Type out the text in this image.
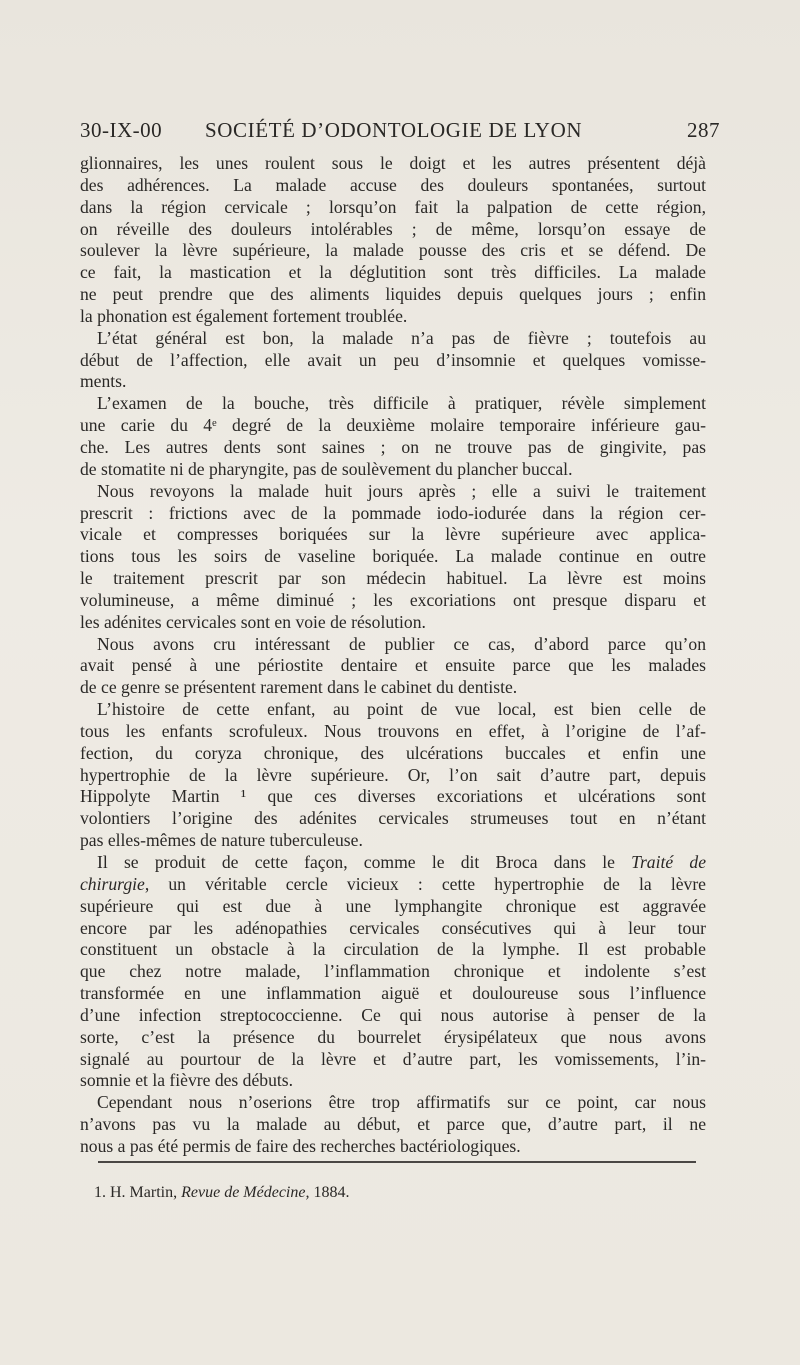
30-IX-00 SOCIÉTÉ D’ODONTOLOGIE DE LYON	287
glionnaires, les unes roulent sous le doigt et les autres présentent déjà
des adhérences. La malade accuse des douleurs spontanées, surtout
dans la région cervicale ; lorsqu’on fait la palpation de cette région,
on réveille des douleurs intolérables ; de même, lorsqu’on essaye de
soulever la lèvre supérieure, la malade pousse des cris et se défend. De
ce fait, la mastication et la déglutition sont très difficiles. La malade
ne peut prendre que des aliments liquides depuis quelques jours ; enfin
la phonation est également fortement troublée.
L’état général est bon, la malade n’a pas de fièvre ; toutefois au
début de l’affection, elle avait un peu d’insomnie et quelques vomisse-
ments.
L’examen de la bouche, très difficile à pratiquer, révèle simplement
une carie du 4ᵉ degré de la deuxième molaire temporaire inférieure gau-
che. Les autres dents sont saines ; on ne trouve pas de gingivite, pas
de stomatite ni de pharyngite, pas de soulèvement du plancher buccal.
Nous revoyons la malade huit jours après ; elle a suivi le traitement
prescrit : frictions avec de la pommade iodo-iodurée dans la région cer-
vicale et compresses boriquées sur la lèvre supérieure avec applica-
tions tous les soirs de vaseline boriquée. La malade continue en outre
le traitement prescrit par son médecin habituel. La lèvre est moins
volumineuse, a même diminué ; les excoriations ont presque disparu et
les adénites cervicales sont en voie de résolution.
Nous avons cru intéressant de publier ce cas, d’abord parce qu’on
avait pensé à une périostite dentaire et ensuite parce que les malades
de ce genre se présentent rarement dans le cabinet du dentiste.
L’histoire de cette enfant, au point de vue local, est bien celle de
tous les enfants scrofuleux. Nous trouvons en effet, à l’origine de l’af-
fection, du coryza chronique, des ulcérations buccales et enfin une
hypertrophie de la lèvre supérieure. Or, l’on sait d’autre part, depuis
Hippolyte Martin ¹ que ces diverses excoriations et ulcérations sont
volontiers l’origine des adénites cervicales strumeuses tout en n’étant
pas elles-mêmes de nature tuberculeuse.
Il se produit de cette façon, comme le dit Broca dans le Traité de
chirurgie, un véritable cercle vicieux : cette hypertrophie de la lèvre
supérieure qui est due à une lymphangite chronique est aggravée
encore par les adénopathies cervicales consécutives qui à leur tour
constituent un obstacle à la circulation de la lymphe. Il est probable
que chez notre malade, l’inflammation chronique et indolente s’est
transformée en une inflammation aiguë et douloureuse sous l’influence
d’une infection streptococcienne. Ce qui nous autorise à penser de la
sorte, c’est la présence du bourrelet érysipélateux que nous avons
signalé au pourtour de la lèvre et d’autre part, les vomissements, l’in-
somnie et la fièvre des débuts.
Cependant nous n’oserions être trop affirmatifs sur ce point, car nous
n’avons pas vu la malade au début, et parce que, d’autre part, il ne
nous a pas été permis de faire des recherches bactériologiques.
1. H. Martin, Revue de Médecine, 1884.
